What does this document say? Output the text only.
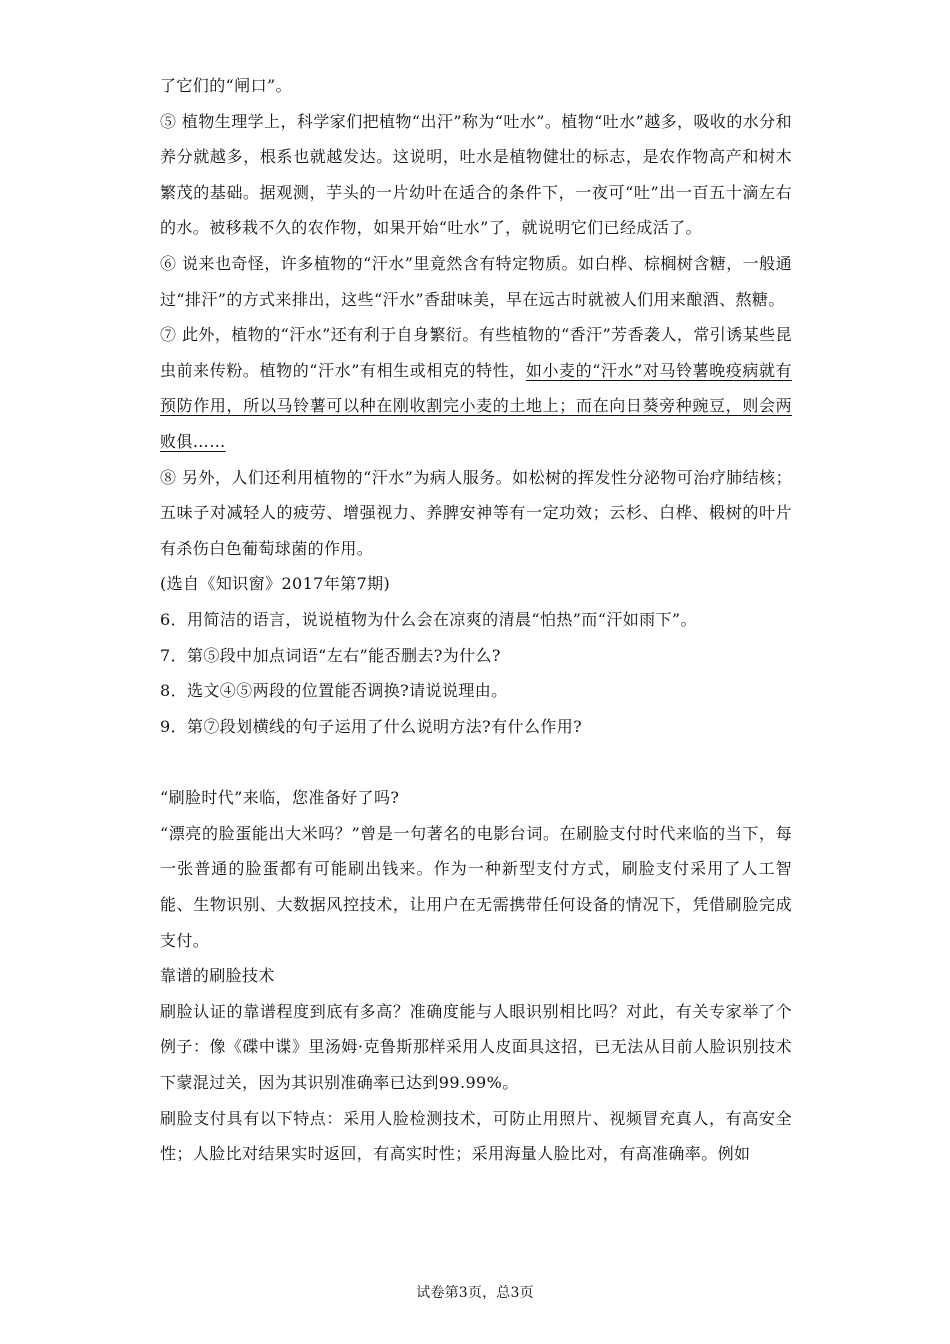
了它们的“闸口”。

⑤ 植物生理学上，科学家们把植物“出汗”称为“吐水”。植物“吐水”越多，吸收的水分和养分就越多，根系也就越发达。这说明，吐水是植物健壮的标志，是农作物高产和树木繁茂的基础。据观测，芋头的一片幼叶在适合的条件下，一夜可“吐”出一百五十滴左右的水。被移栽不久的农作物，如果开始“吐水”了，就说明它们已经成活了。

⑥ 说来也奇怪，许多植物的“汗水”里竟然含有特定物质。如白桦、棕榈树含糖，一般通过“排汗”的方式来排出，这些“汗水”香甜味美，早在远古时就被人们用来酿酒、熬糖。

⑦ 此外，植物的“汗水”还有利于自身繁衍。有些植物的“香汗”芳香袭人，常引诱某些昆虫前来传粉。植物的“汗水”有相生或相克的特性，如小麦的“汗水”对马铃薯晚疫病就有预防作用，所以马铃薯可以种在刚收割完小麦的土地上；而在向日葵旁种豌豆，则会两败俱……

⑧ 另外，人们还利用植物的“汗水”为病人服务。如松树的挥发性分泌物可治疗肺结核；五味子对减轻人的疲劳、增强视力、养脾安神等有一定功效；云杉、白桦、椴树的叶片有杀伤白色葡萄球菌的作用。

(选自《知识窗》2017年第7期)

6．用简洁的语言，说说植物为什么会在凉爽的清晨“怕热”而“汗如雨下”。

7．第⑤段中加点词语“左右”能否删去?为什么?

8．选文④⑤两段的位置能否调换?请说说理由。

9．第⑦段划横线的句子运用了什么说明方法?有什么作用?

“刷脸时代”来临，您准备好了吗?

“漂亮的脸蛋能出大米吗？”曾是一句著名的电影台词。在刷脸支付时代来临的当下，每一张普通的脸蛋都有可能刷出钱来。作为一种新型支付方式，刷脸支付采用了人工智能、生物识别、大数据风控技术，让用户在无需携带任何设备的情况下，凭借刷脸完成支付。

靠谱的刷脸技术

刷脸认证的靠谱程度到底有多高？准确度能与人眼识别相比吗？对此，有关专家举了个例子：像《碟中谍》里汤姆·克鲁斯那样采用人皮面具这招，已无法从目前人脸识别技术下蒙混过关，因为其识别准确率已达到99.99%。

刷脸支付具有以下特点：采用人脸检测技术，可防止用照片、视频冒充真人，有高安全性；人脸比对结果实时返回，有高实时性；采用海量人脸比对，有高准确率。例如

试卷第3页，总3页
